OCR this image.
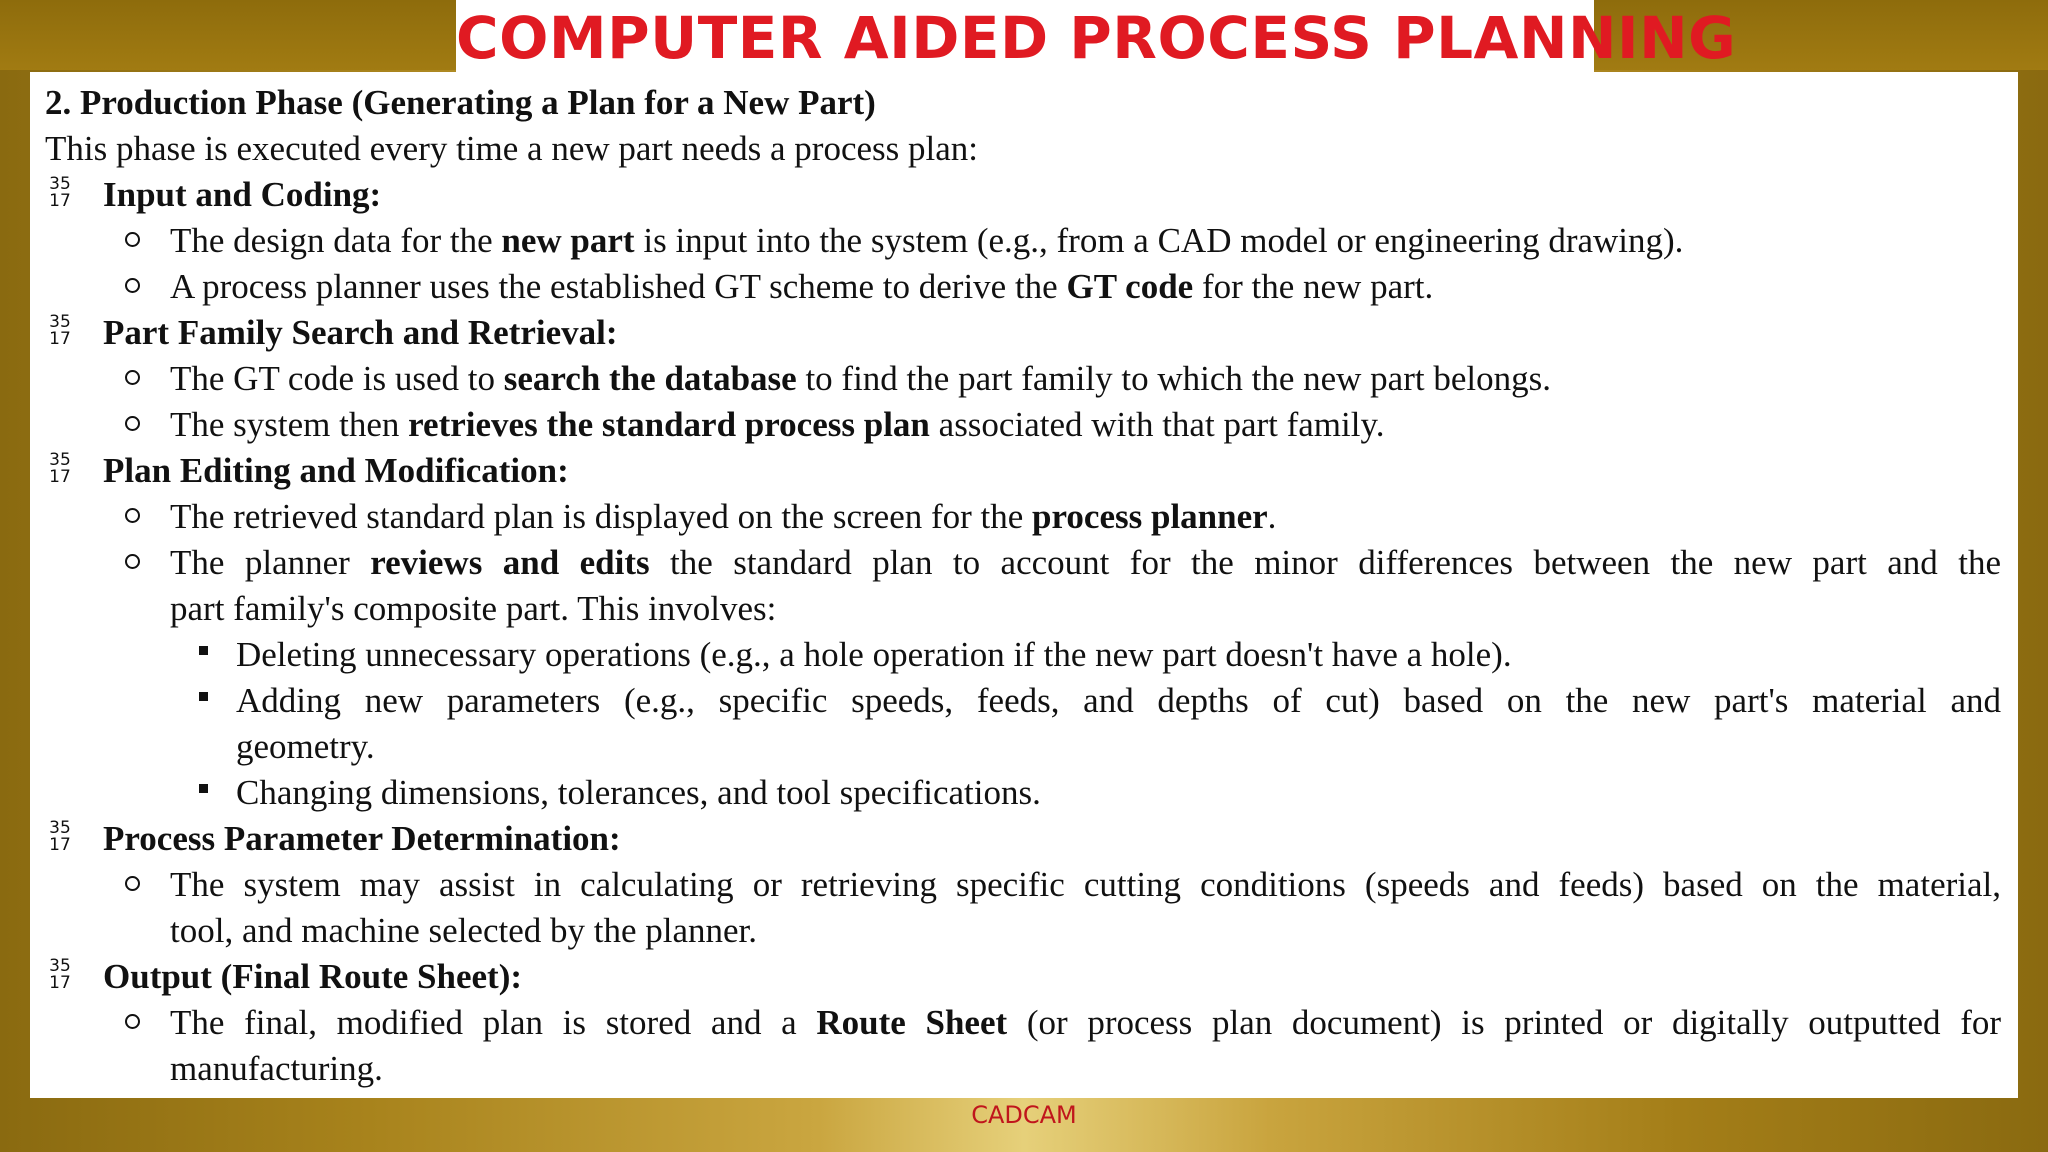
COMPUTER AIDED PROCESS PLANNING
2. Production Phase (Generating a Plan for a New Part)
This phase is executed every time a new part needs a process plan:
35
17 Input and Coding:
The design data for the new part is input into the system (e.g., from a CAD model or engineering drawing).
A process planner uses the established GT scheme to derive the GT code for the new part.
35
17 Part Family Search and Retrieval:
The GT code is used to search the database to find the part family to which the new part belongs.
The system then retrieves the standard process plan associated with that part family.
35
17 Plan Editing and Modification:
The retrieved standard plan is displayed on the screen for the process planner.
The planner reviews and edits the standard plan to account for the minor differences between the new part and the
part family's composite part. This involves:
Deleting unnecessary operations (e.g., a hole operation if the new part doesn't have a hole).
Adding new parameters (e.g., specific speeds, feeds, and depths of cut) based on the new part's material and
geometry.
Changing dimensions, tolerances, and tool specifications.
35
17 Process Parameter Determination:
The system may assist in calculating or retrieving specific cutting conditions (speeds and feeds) based on the material,
tool, and machine selected by the planner.
35
17 Output (Final Route Sheet):
The final, modified plan is stored and a Route Sheet (or process plan document) is printed or digitally outputted for
manufacturing.
CADCAM
